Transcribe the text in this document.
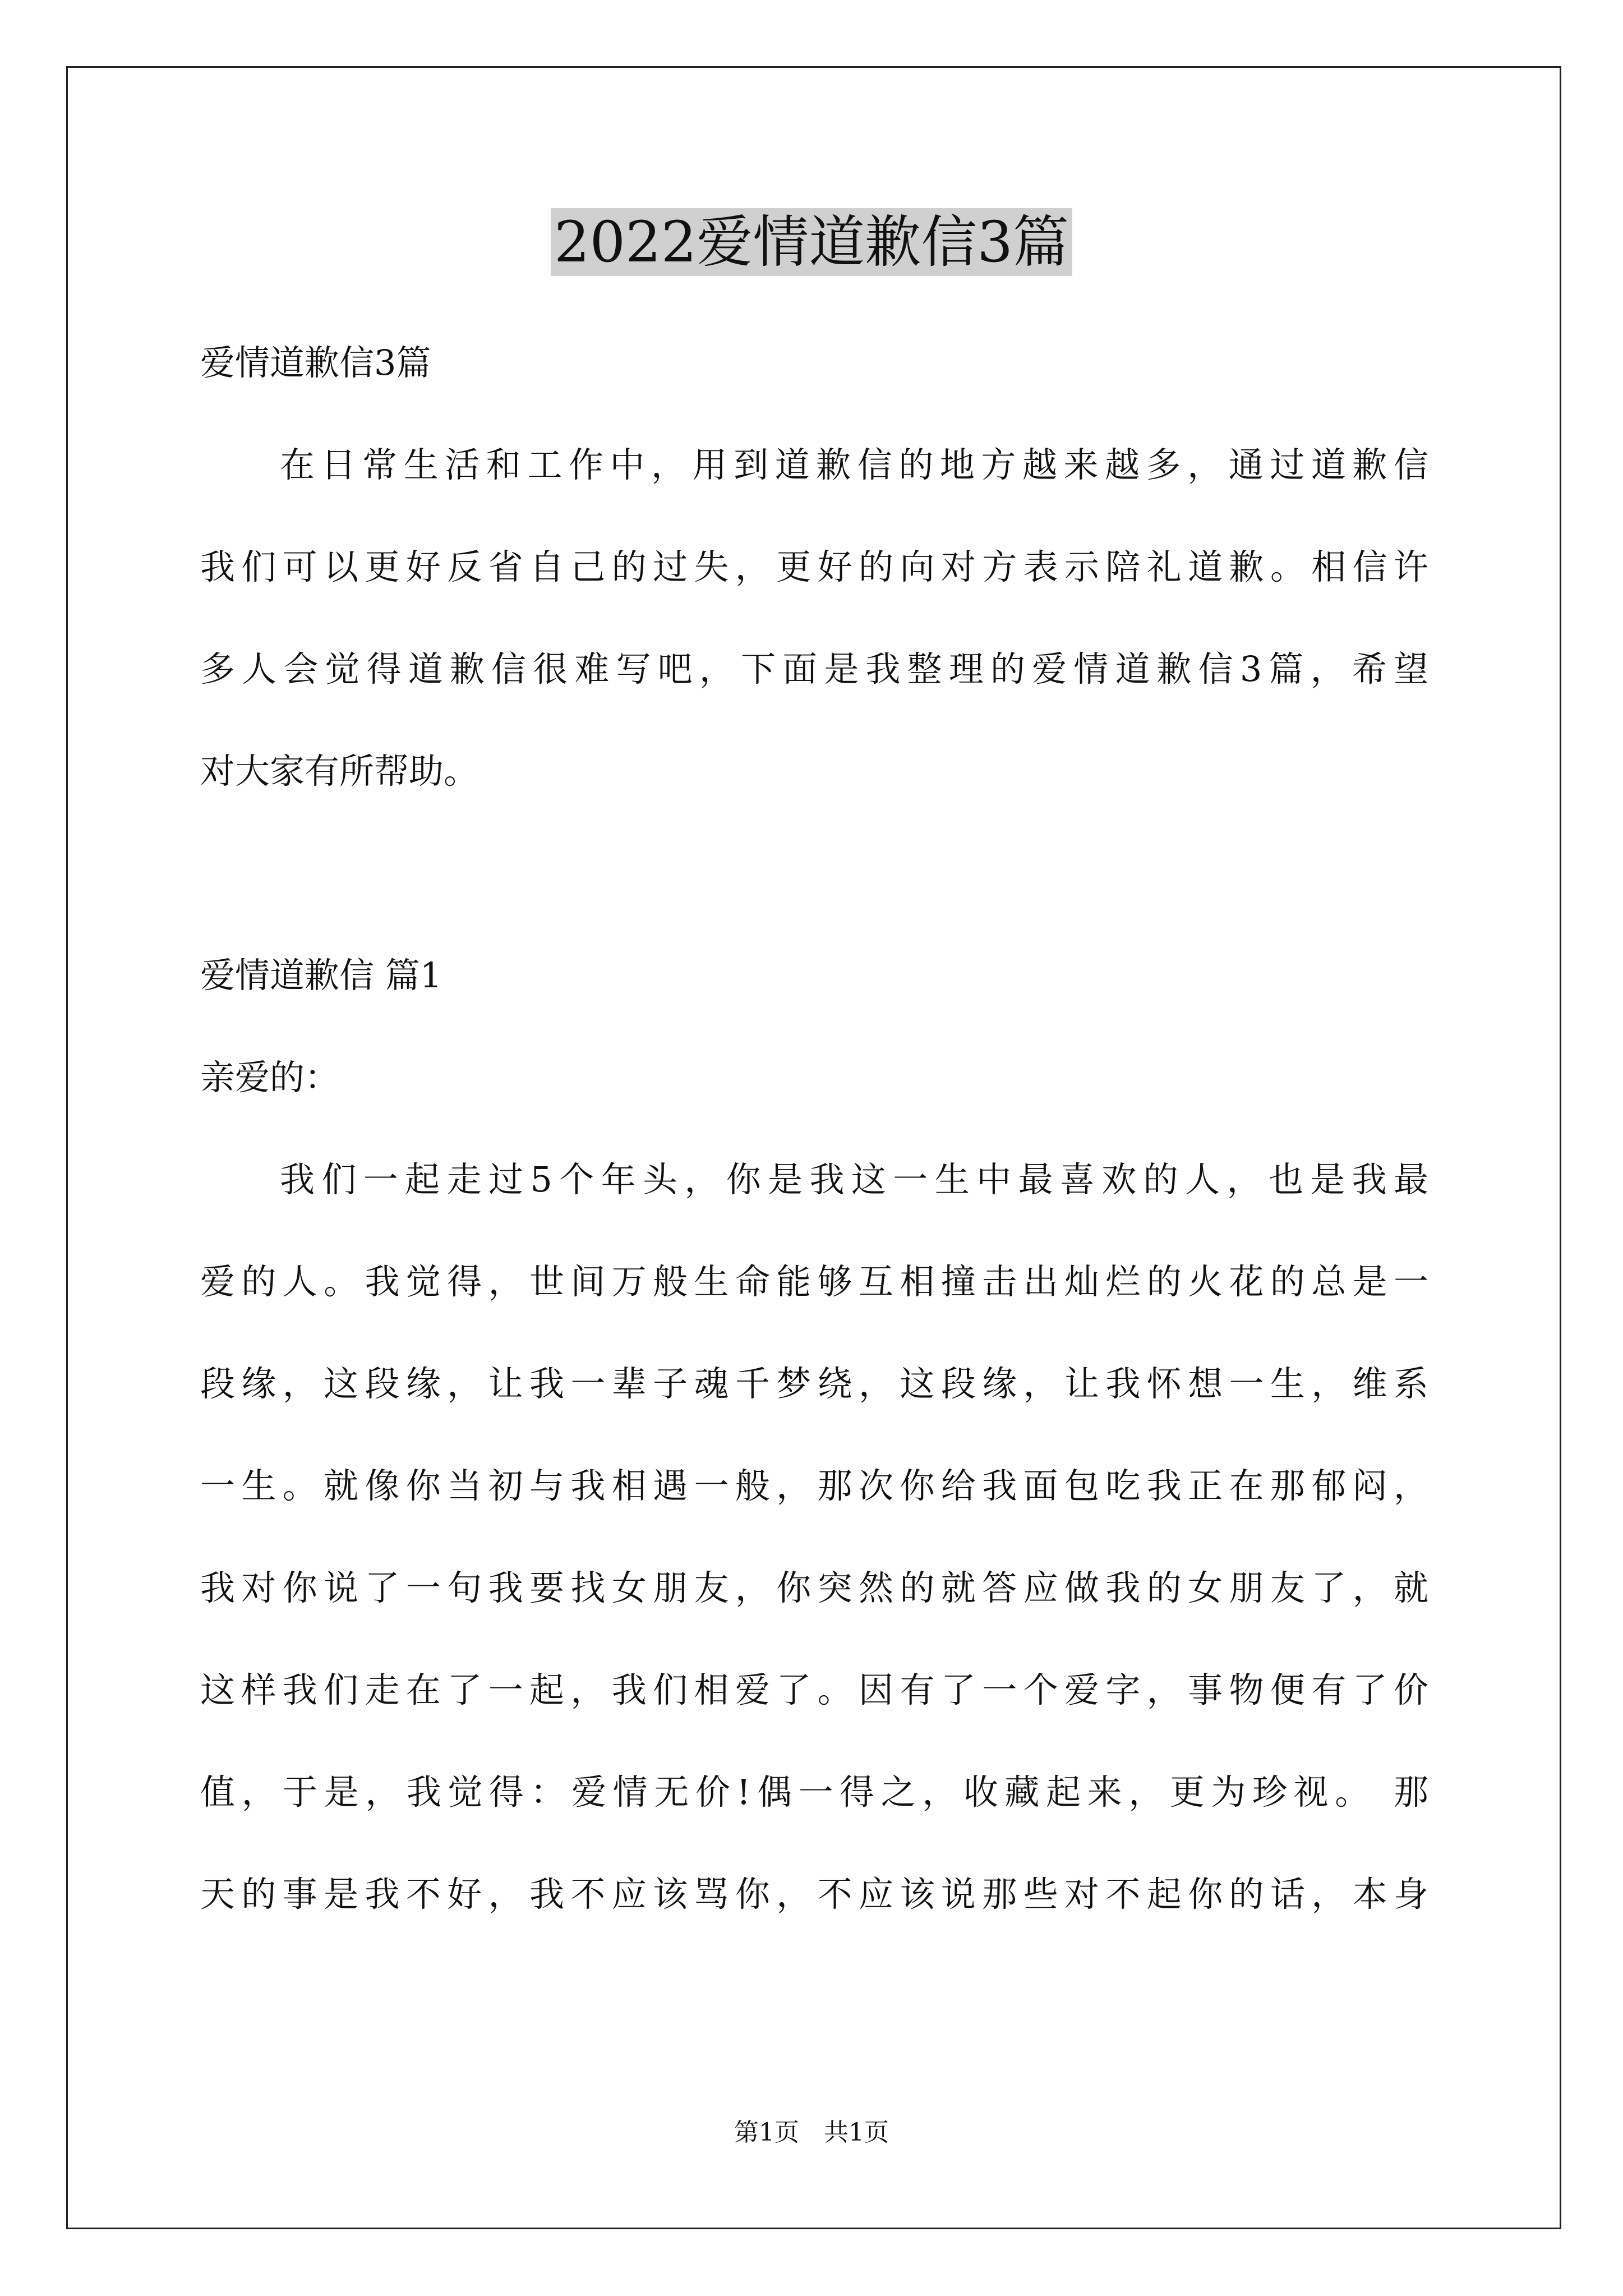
2022爱情道歉信3篇
爱情道歉信3篇
在日常生活和工作中，用到道歉信的地方越来越多，通过道歉信
我们可以更好反省自己的过失，更好的向对方表示陪礼道歉。相信许
多人会觉得道歉信很难写吧，下面是我整理的爱情道歉信3篇，希望
对大家有所帮助。
爱情道歉信 篇1
亲爱的：
我们一起走过5个年头，你是我这一生中最喜欢的人，也是我最
爱的人。我觉得，世间万般生命能够互相撞击出灿烂的火花的总是一
段缘，这段缘，让我一辈子魂千梦绕，这段缘，让我怀想一生，维系
一生。就像你当初与我相遇一般，那次你给我面包吃我正在那郁闷，
我对你说了一句我要找女朋友，你突然的就答应做我的女朋友了，就
这样我们走在了一起，我们相爱了。因有了一个爱字，事物便有了价
值，于是，我觉得：爱情无价!偶一得之，收藏起来，更为珍视。 那
天的事是我不好，我不应该骂你，不应该说那些对不起你的话，本身
第1页　共1页
